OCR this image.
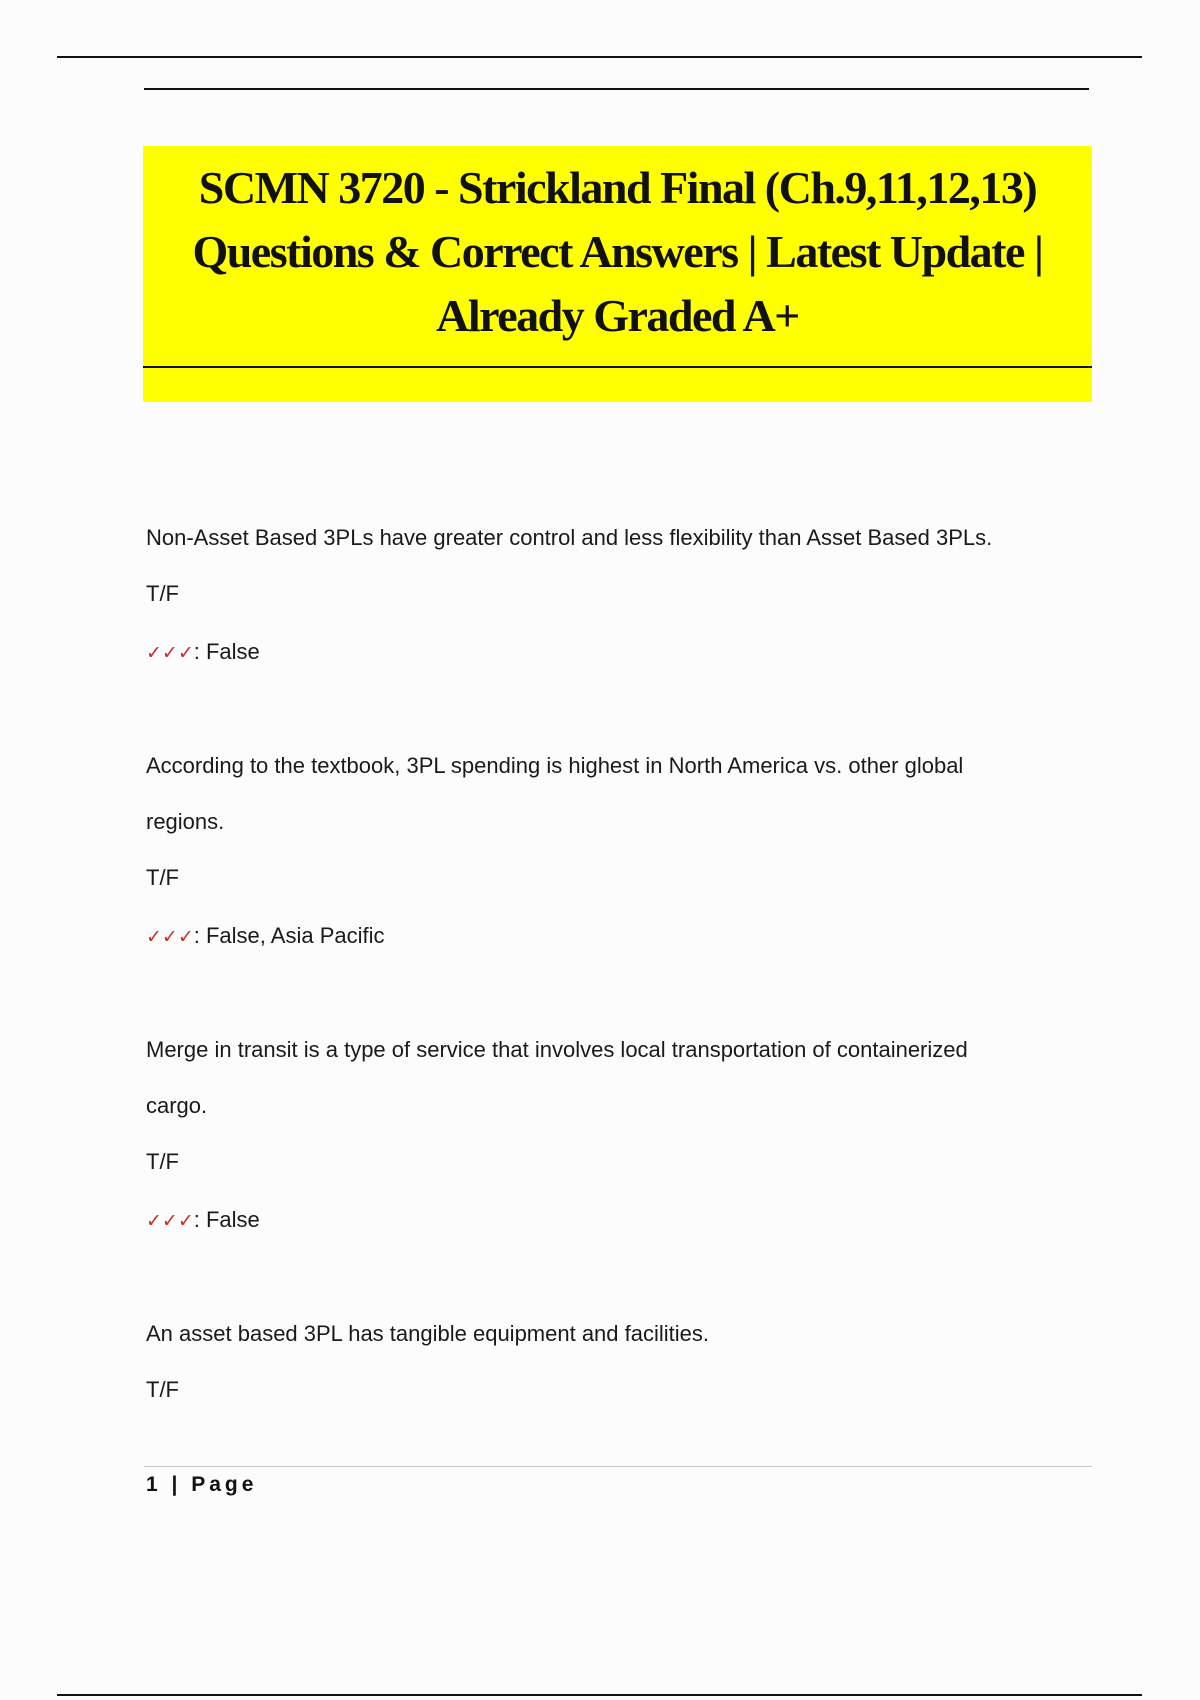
SCMN 3720 - Strickland Final (Ch.9,11,12,13)
Questions & Correct Answers | Latest Update |
Already Graded A+
Non-Asset Based 3PLs have greater control and less flexibility than Asset Based 3PLs.
T/F
✓✓✓: False
According to the textbook, 3PL spending is highest in North America vs. other global
regions.
T/F
✓✓✓: False, Asia Pacific
Merge in transit is a type of service that involves local transportation of containerized
cargo.
T/F
✓✓✓: False
An asset based 3PL has tangible equipment and facilities.
T/F
1 | Page
